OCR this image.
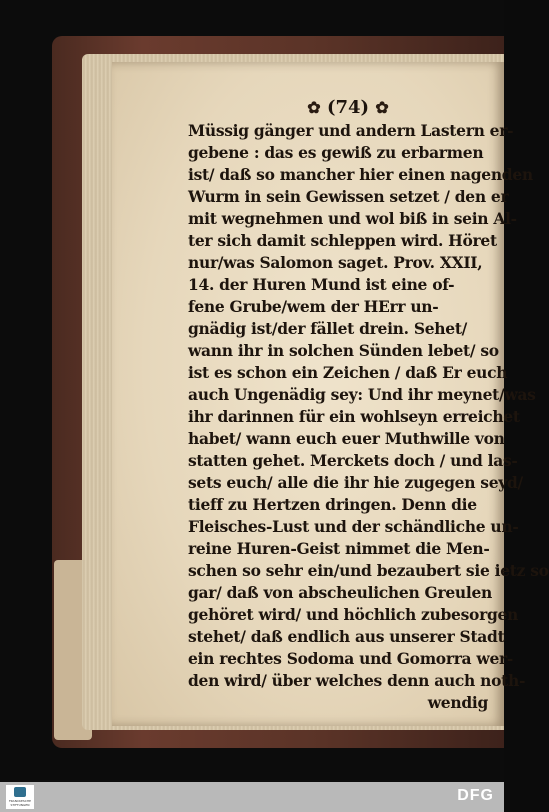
✿ (74) ✿
Müssig gänger und andern Lastern er-
gebene : das es gewiß zu erbarmen
ist/ daß so mancher hier einen nagenden
Wurm in sein Gewissen setzet / den er
mit wegnehmen und wol biß in sein Al-
ter sich damit schleppen wird. Höret
nur/was Salomon saget. Prov. XXII,
14. der Huren Mund ist eine of-
fene Grube/wem der HErr un-
gnädig ist/der fället drein. Sehet/
wann ihr in solchen Sünden lebet/ so
ist es schon ein Zeichen / daß Er euch
auch Ungenädig sey: Und ihr meynet/was
ihr darinnen für ein wohlseyn erreichet
habet/ wann euch euer Muthwille von
statten gehet. Merckets doch / und las-
sets euch/ alle die ihr hie zugegen seyd/
tieff zu Hertzen dringen. Denn die
Fleisches-Lust und der schändliche un-
reine Huren-Geist nimmet die Men-
schen so sehr ein/und bezaubert sie ietz so
gar/ daß von abscheulichen Greulen
gehöret wird/ und höchlich zubesorgen
stehet/ daß endlich aus unserer Stadt
ein rechtes Sodoma und Gomorra wer-
den wird/ über welches denn auch noth-
wendig
FRANCKESCHE STIFTUNGEN
DFG
